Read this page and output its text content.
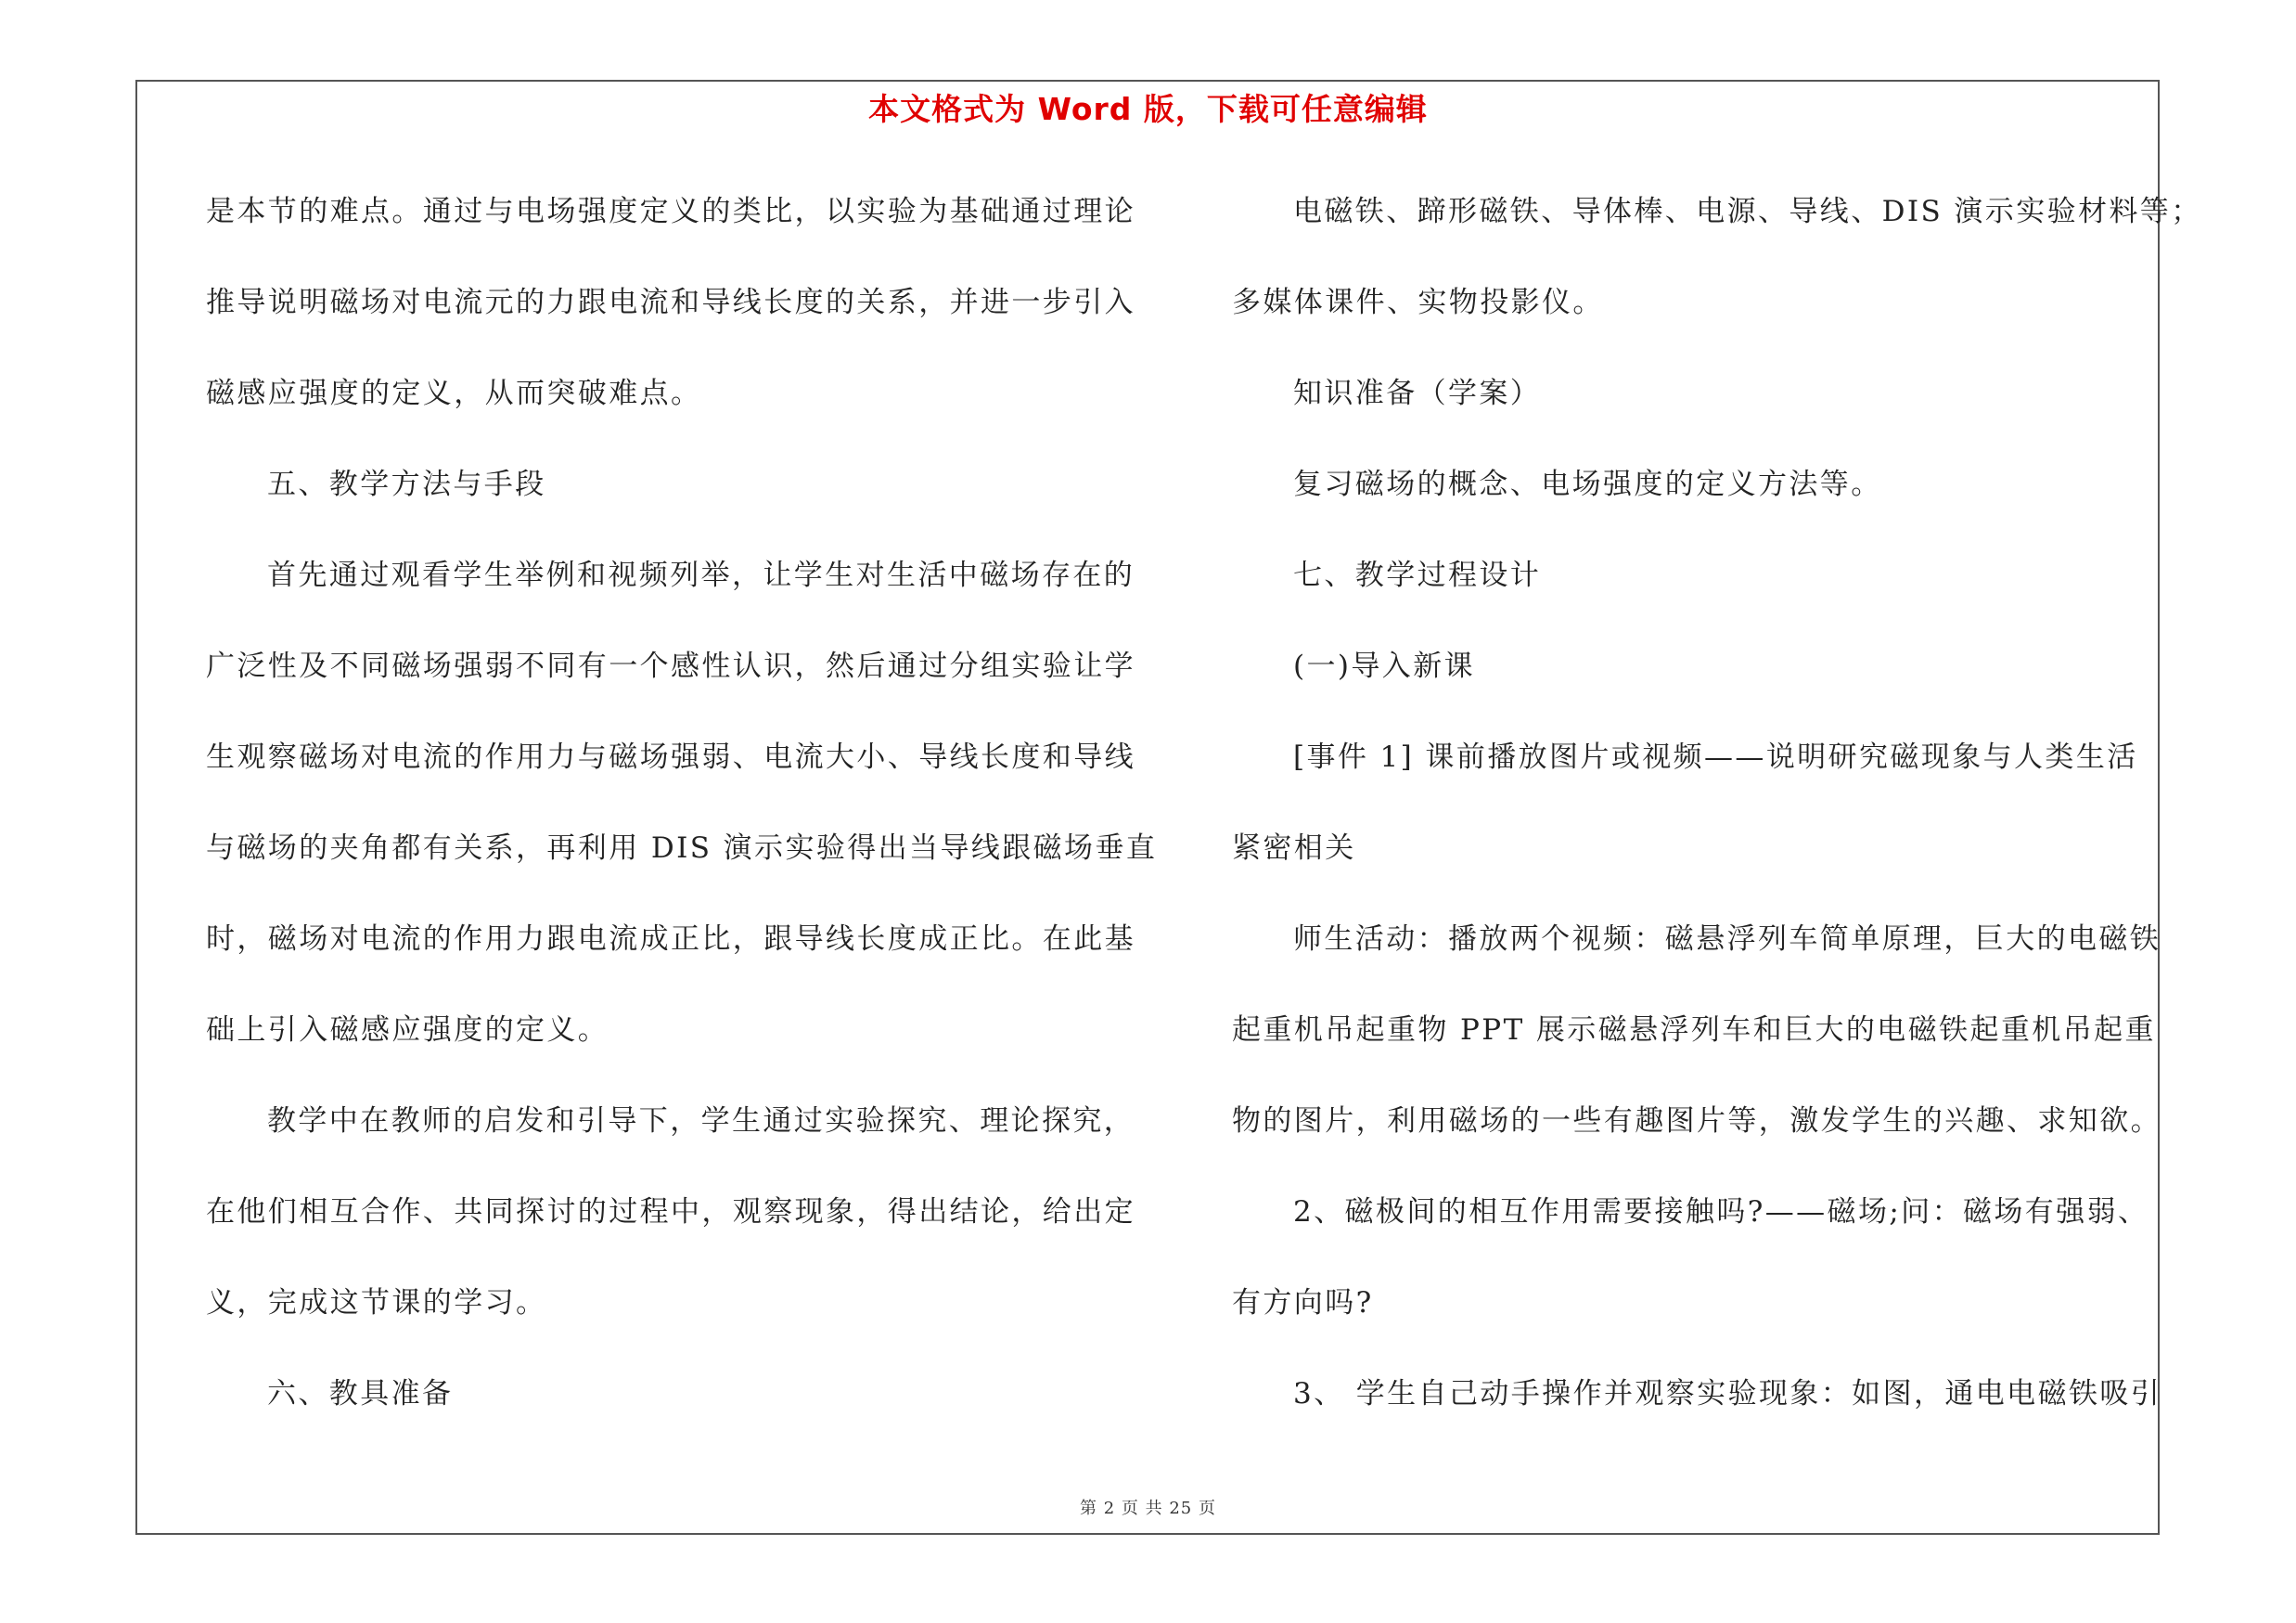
本文格式为 Word 版，下载可任意编辑
是本节的难点。通过与电场强度定义的类比，以实验为基础通过理论
推导说明磁场对电流元的力跟电流和导线长度的关系，并进一步引入
磁感应强度的定义，从而突破难点。
五、教学方法与手段
首先通过观看学生举例和视频列举，让学生对生活中磁场存在的
广泛性及不同磁场强弱不同有一个感性认识，然后通过分组实验让学
生观察磁场对电流的作用力与磁场强弱、电流大小、导线长度和导线
与磁场的夹角都有关系，再利用 DIS 演示实验得出当导线跟磁场垂直
时，磁场对电流的作用力跟电流成正比，跟导线长度成正比。在此基
础上引入磁感应强度的定义。
教学中在教师的启发和引导下，学生通过实验探究、理论探究，
在他们相互合作、共同探讨的过程中，观察现象，得出结论，给出定
义，完成这节课的学习。
六、教具准备
电磁铁、蹄形磁铁、导体棒、电源、导线、DIS 演示实验材料等；
多媒体课件、实物投影仪。
知识准备（学案）
复习磁场的概念、电场强度的定义方法等。
七、教学过程设计
(一)导入新课
[事件 1] 课前播放图片或视频——说明研究磁现象与人类生活
紧密相关
师生活动：播放两个视频：磁悬浮列车简单原理，巨大的电磁铁
起重机吊起重物 PPT 展示磁悬浮列车和巨大的电磁铁起重机吊起重
物的图片，利用磁场的一些有趣图片等，激发学生的兴趣、求知欲。
2、磁极间的相互作用需要接触吗?——磁场;问：磁场有强弱、
有方向吗?
3、 学生自己动手操作并观察实验现象：如图，通电电磁铁吸引
第 2 页 共 25 页
